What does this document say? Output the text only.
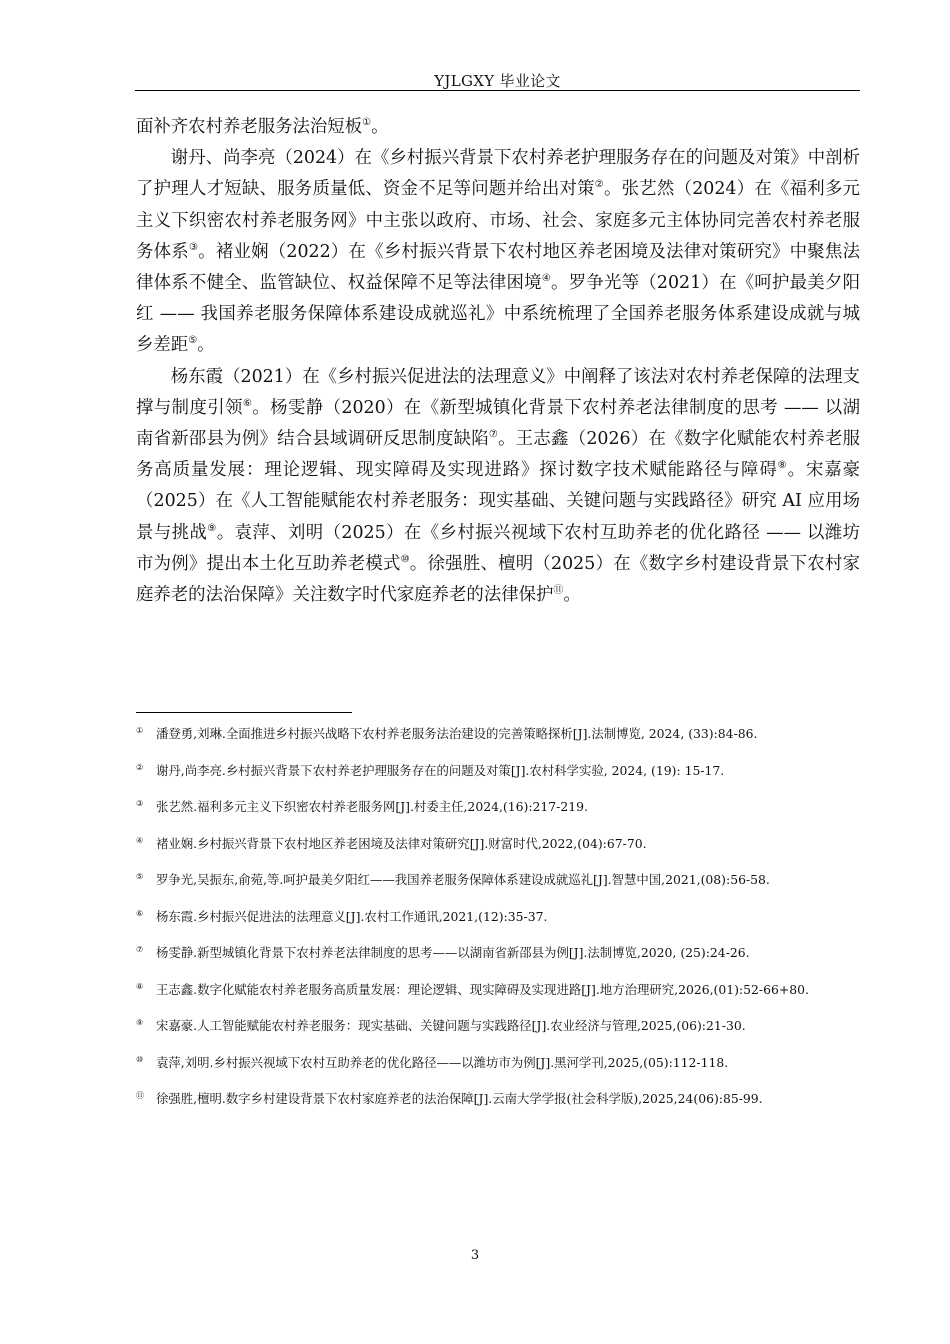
YJLGXY 毕业论文

面补齐农村养老服务法治短板①。

谢丹、尚李亮（2024）在《乡村振兴背景下农村养老护理服务存在的问题及对策》中剖析了护理人才短缺、服务质量低、资金不足等问题并给出对策②。张艺然（2024）在《福利多元主义下织密农村养老服务网》中主张以政府、市场、社会、家庭多元主体协同完善农村养老服务体系③。褚业娴（2022）在《乡村振兴背景下农村地区养老困境及法律对策研究》中聚焦法律体系不健全、监管缺位、权益保障不足等法律困境④。罗争光等（2021）在《呵护最美夕阳红 —— 我国养老服务保障体系建设成就巡礼》中系统梳理了全国养老服务体系建设成就与城乡差距⑤。

杨东霞（2021）在《乡村振兴促进法的法理意义》中阐释了该法对农村养老保障的法理支撑与制度引领⑥。杨雯静（2020）在《新型城镇化背景下农村养老法律制度的思考 —— 以湖南省新邵县为例》结合县域调研反思制度缺陷⑦。王志鑫（2026）在《数字化赋能农村养老服务高质量发展：理论逻辑、现实障碍及实现进路》探讨数字技术赋能路径与障碍⑧。宋嘉豪（2025）在《人工智能赋能农村养老服务：现实基础、关键问题与实践路径》研究 AI 应用场景与挑战⑨。袁萍、刘明（2025）在《乡村振兴视域下农村互助养老的优化路径 —— 以潍坊市为例》提出本土化互助养老模式⑩。徐强胜、檀明（2025）在《数字乡村建设背景下农村家庭养老的法治保障》关注数字时代家庭养老的法律保护⑪。

① 潘登勇,刘琳.全面推进乡村振兴战略下农村养老服务法治建设的完善策略探析[J].法制博览, 2024, (33):84-86.
② 谢丹,尚李亮.乡村振兴背景下农村养老护理服务存在的问题及对策[J].农村科学实验, 2024, (19): 15-17.
③ 张艺然.福利多元主义下织密农村养老服务网[J].村委主任,2024,(16):217-219.
④ 褚业娴.乡村振兴背景下农村地区养老困境及法律对策研究[J].财富时代,2022,(04):67-70.
⑤ 罗争光,吴振东,俞菀,等.呵护最美夕阳红——我国养老服务保障体系建设成就巡礼[J].智慧中国,2021,(08):56-58.
⑥ 杨东霞.乡村振兴促进法的法理意义[J].农村工作通讯,2021,(12):35-37.
⑦ 杨雯静.新型城镇化背景下农村养老法律制度的思考——以湖南省新邵县为例[J].法制博览,2020, (25):24-26.
⑧ 王志鑫.数字化赋能农村养老服务高质量发展：理论逻辑、现实障碍及实现进路[J].地方治理研究,2026,(01):52-66+80.
⑨ 宋嘉豪.人工智能赋能农村养老服务：现实基础、关键问题与实践路径[J].农业经济与管理,2025,(06):21-30.
⑩ 袁萍,刘明.乡村振兴视域下农村互助养老的优化路径——以潍坊市为例[J].黑河学刊,2025,(05):112-118.
⑪ 徐强胜,檀明.数字乡村建设背景下农村家庭养老的法治保障[J].云南大学学报(社会科学版),2025,24(06):85-99.
3
